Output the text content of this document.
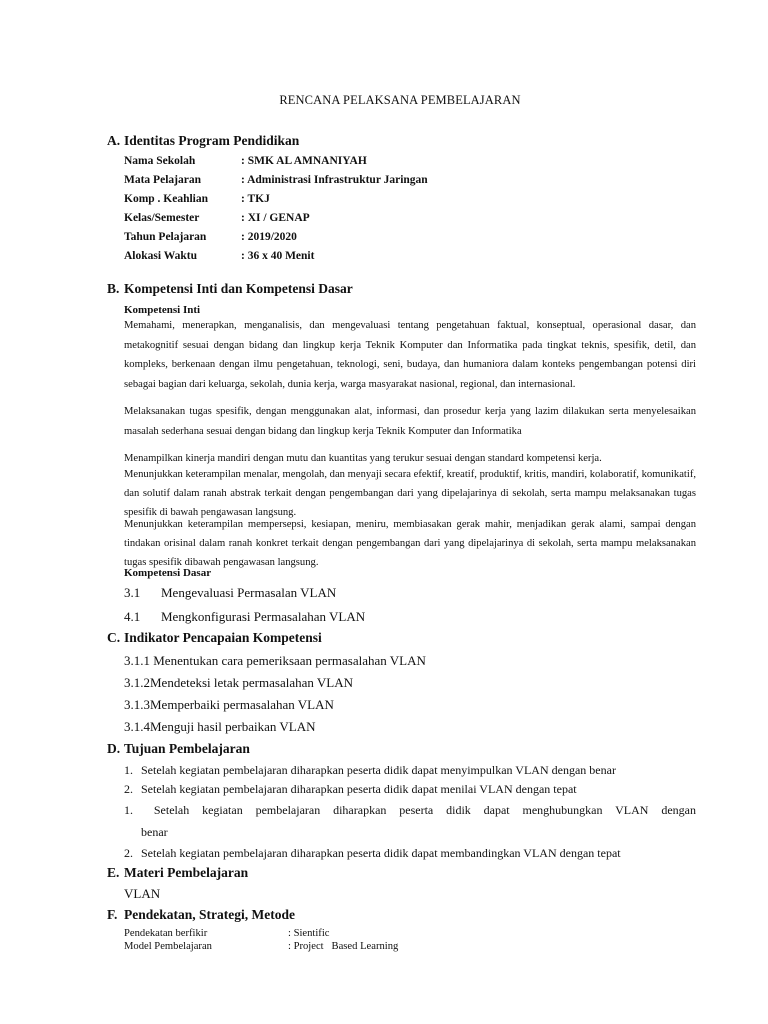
RENCANA PELAKSANA PEMBELAJARAN
A. Identitas Program Pendidikan
Nama Sekolah	: SMK AL AMNANIYAH
Mata Pelajaran	: Administrasi Infrastruktur Jaringan
Komp . Keahlian	: TKJ
Kelas/Semester	: XI / GENAP
Tahun Pelajaran	: 2019/2020
Alokasi Waktu	: 36 x 40 Menit
B. Kompetensi Inti dan Kompetensi Dasar
Kompetensi Inti
Memahami, menerapkan, menganalisis, dan mengevaluasi tentang pengetahuan faktual, konseptual, operasional dasar, dan metakognitif sesuai dengan bidang dan lingkup kerja Teknik Komputer dan Informatika pada tingkat teknis, spesifik, detil, dan kompleks, berkenaan dengan ilmu pengetahuan, teknologi, seni, budaya, dan humaniora dalam konteks pengembangan potensi diri sebagai bagian dari keluarga, sekolah, dunia kerja, warga masyarakat nasional, regional, dan internasional.
Melaksanakan tugas spesifik, dengan menggunakan alat, informasi, dan prosedur kerja yang lazim dilakukan serta menyelesaikan masalah sederhana sesuai dengan bidang dan lingkup kerja Teknik Komputer dan Informatika
Menampilkan kinerja mandiri dengan mutu dan kuantitas yang terukur sesuai dengan standard kompetensi kerja.
Menunjukkan keterampilan menalar, mengolah, dan menyaji secara efektif, kreatif, produktif, kritis, mandiri, kolaboratif, komunikatif, dan solutif dalam ranah abstrak terkait dengan pengembangan dari yang dipelajarinya di sekolah, serta mampu melaksanakan tugas spesifik di bawah pengawasan langsung.
Menunjukkan keterampilan mempersepsi, kesiapan, meniru, membiasakan gerak mahir, menjadikan gerak alami, sampai dengan tindakan orisinal dalam ranah konkret terkait dengan pengembangan dari yang dipelajarinya di sekolah, serta mampu melaksanakan tugas spesifik dibawah pengawasan langsung.
Kompetensi Dasar
3.1 Mengevaluasi Permasalan VLAN
4.1 Mengkonfigurasi Permasalahan VLAN
C. Indikator Pencapaian Kompetensi
3.1.1 Menentukan cara pemeriksaan permasalahan VLAN
3.1.2Mendeteksi letak permasalahan VLAN
3.1.3Memperbaiki permasalahan VLAN
3.1.4Menguji hasil perbaikan VLAN
D. Tujuan Pembelajaran
1. Setelah kegiatan pembelajaran diharapkan peserta didik dapat menyimpulkan VLAN dengan benar
2. Setelah kegiatan pembelajaran diharapkan peserta didik dapat menilai VLAN dengan tepat
1. Setelah kegiatan pembelajaran diharapkan peserta didik dapat menghubungkan VLAN dengan
benar
2. Setelah kegiatan pembelajaran diharapkan peserta didik dapat membandingkan VLAN dengan tepat
E. Materi Pembelajaran
VLAN
F. Pendekatan, Strategi, Metode
Pendekatan berfikir	: Sientific
Model Pembelajaran	: Project   Based Learning
